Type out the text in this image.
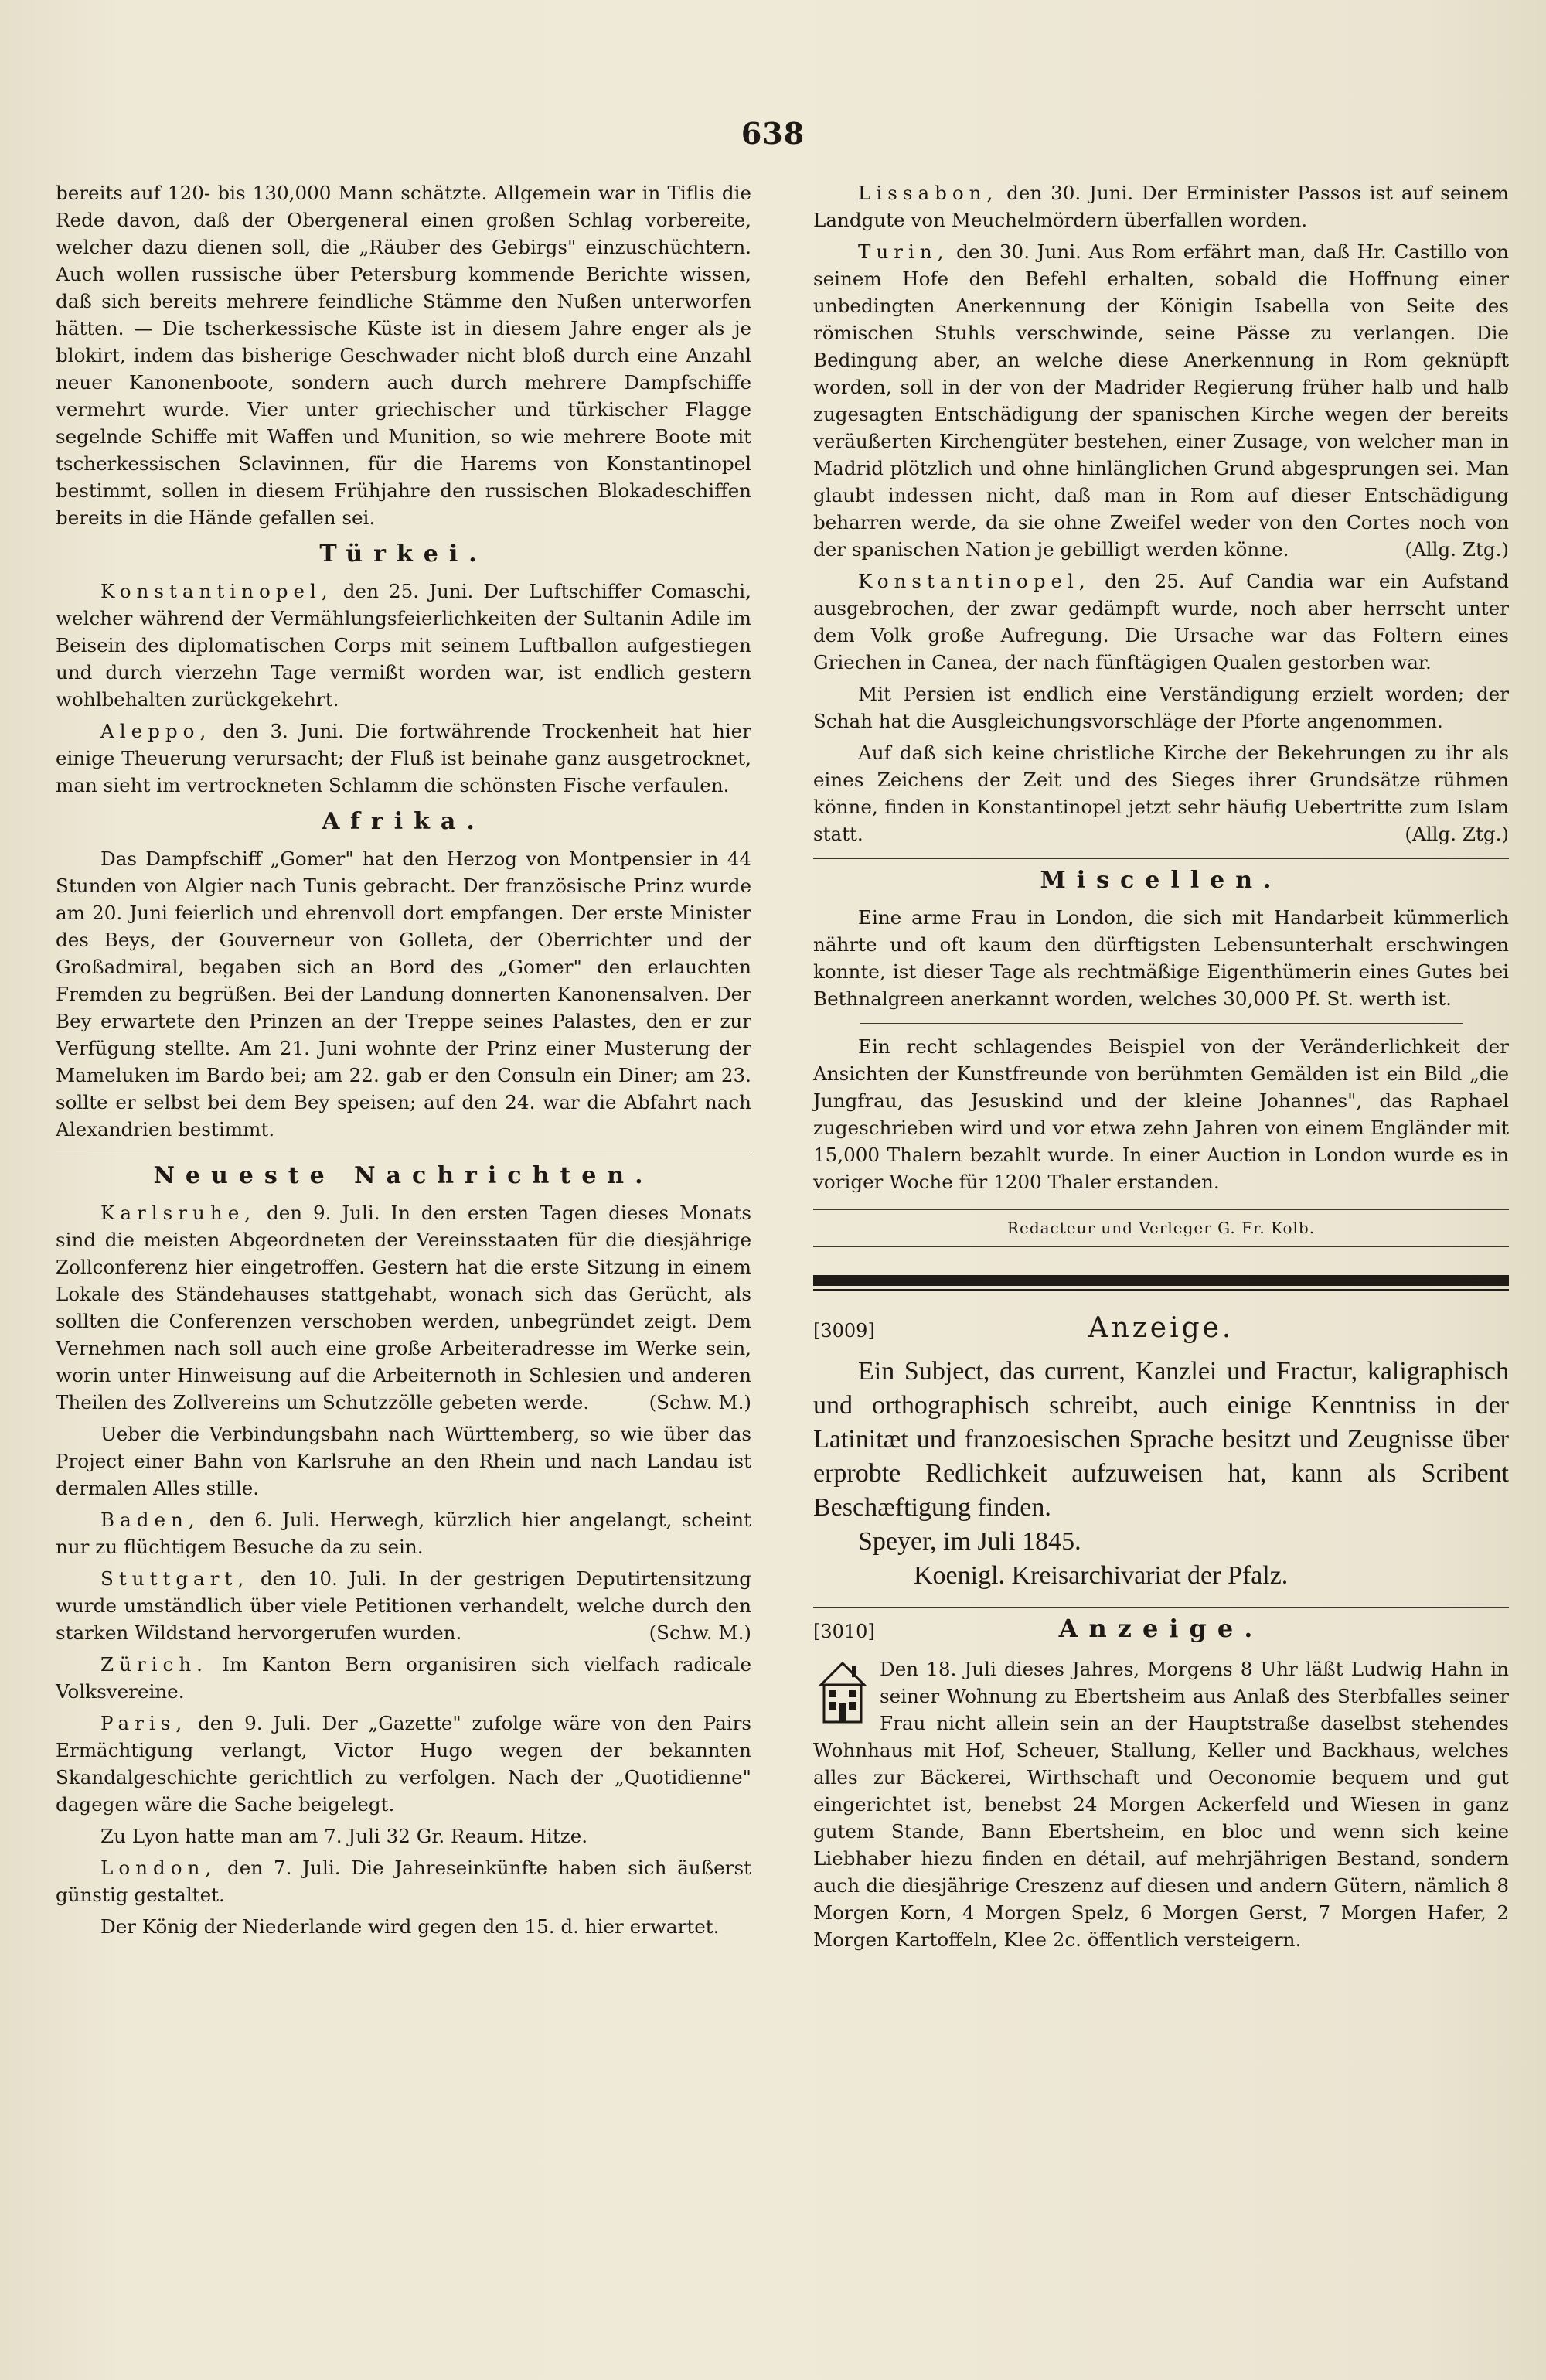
638

bereits auf 120- bis 130,000 Mann schätzte. Allgemein war in Tiflis die Rede davon, daß der Obergeneral einen großen Schlag vorbereite, welcher dazu dienen soll, die „Räuber des Gebirgs" einzuschüchtern. Auch wollen russische über Petersburg kommende Berichte wissen, daß sich bereits mehrere feindliche Stämme den Nußen unterworfen hätten. — Die tscherkessische Küste ist in diesem Jahre enger als je blokirt, indem das bisherige Geschwader nicht bloß durch eine Anzahl neuer Kanonenboote, sondern auch durch mehrere Dampfschiffe vermehrt wurde. Vier unter griechischer und türkischer Flagge segelnde Schiffe mit Waffen und Munition, so wie mehrere Boote mit tscherkessischen Sclavinnen, für die Harems von Konstantinopel bestimmt, sollen in diesem Frühjahre den russischen Blokadeschiffen bereits in die Hände gefallen sei.

Türkei.

Konstantinopel, den 25. Juni. Der Luftschiffer Comaschi, welcher während der Vermählungsfeierlichkeiten der Sultanin Adile im Beisein des diplomatischen Corps mit seinem Luftballon aufgestiegen und durch vierzehn Tage vermißt worden war, ist endlich gestern wohlbehalten zurückgekehrt.

Aleppo, den 3. Juni. Die fortwährende Trockenheit hat hier einige Theuerung verursacht; der Fluß ist beinahe ganz ausgetrocknet, man sieht im vertrockneten Schlamm die schönsten Fische verfaulen.

Afrika.

Das Dampfschiff „Gomer" hat den Herzog von Montpensier in 44 Stunden von Algier nach Tunis gebracht. Der französische Prinz wurde am 20. Juni feierlich und ehrenvoll dort empfangen. Der erste Minister des Beys, der Gouverneur von Golleta, der Oberrichter und der Großadmiral, begaben sich an Bord des „Gomer" den erlauchten Fremden zu begrüßen. Bei der Landung donnerten Kanonensalven. Der Bey erwartete den Prinzen an der Treppe seines Palastes, den er zur Verfügung stellte. Am 21. Juni wohnte der Prinz einer Musterung der Mameluken im Bardo bei; am 22. gab er den Consuln ein Diner; am 23. sollte er selbst bei dem Bey speisen; auf den 24. war die Abfahrt nach Alexandrien bestimmt.

Neueste Nachrichten.

Karlsruhe, den 9. Juli. In den ersten Tagen dieses Monats sind die meisten Abgeordneten der Vereinsstaaten für die diesjährige Zollconferenz hier eingetroffen. Gestern hat die erste Sitzung in einem Lokale des Ständehauses stattgehabt, wonach sich das Gerücht, als sollten die Conferenzen verschoben werden, unbegründet zeigt. Dem Vernehmen nach soll auch eine große Arbeiteradresse im Werke sein, worin unter Hinweisung auf die Arbeiternoth in Schlesien und anderen Theilen des Zollvereins um Schutzzölle gebeten werde.	(Schw. M.)

Ueber die Verbindungsbahn nach Württemberg, so wie über das Project einer Bahn von Karlsruhe an den Rhein und nach Landau ist dermalen Alles stille.

Baden, den 6. Juli. Herwegh, kürzlich hier angelangt, scheint nur zu flüchtigem Besuche da zu sein.

Stuttgart, den 10. Juli. In der gestrigen Deputirtensitzung wurde umständlich über viele Petitionen verhandelt, welche durch den starken Wildstand hervorgerufen wurden.	(Schw. M.)

Zürich. Im Kanton Bern organisiren sich vielfach radicale Volksvereine.

Paris, den 9. Juli. Der „Gazette" zufolge wäre von den Pairs Ermächtigung verlangt, Victor Hugo wegen der bekannten Skandalgeschichte gerichtlich zu verfolgen. Nach der „Quotidienne" dagegen wäre die Sache beigelegt.

Zu Lyon hatte man am 7. Juli 32 Gr. Reaum. Hitze.

London, den 7. Juli. Die Jahreseinkünfte haben sich äußerst günstig gestaltet.

Der König der Niederlande wird gegen den 15. d. hier erwartet.

Lissabon, den 30. Juni. Der Erminister Passos ist auf seinem Landgute von Meuchelmördern überfallen worden.

Turin, den 30. Juni. Aus Rom erfährt man, daß Hr. Castillo von seinem Hofe den Befehl erhalten, sobald die Hoffnung einer unbedingten Anerkennung der Königin Isabella von Seite des römischen Stuhls verschwinde, seine Pässe zu verlangen. Die Bedingung aber, an welche diese Anerkennung in Rom geknüpft worden, soll in der von der Madrider Regierung früher halb und halb zugesagten Entschädigung der spanischen Kirche wegen der bereits veräußerten Kirchengüter bestehen, einer Zusage, von welcher man in Madrid plötzlich und ohne hinlänglichen Grund abgesprungen sei. Man glaubt indessen nicht, daß man in Rom auf dieser Entschädigung beharren werde, da sie ohne Zweifel weder von den Cortes noch von der spanischen Nation je gebilligt werden könne.	(Allg. Ztg.)

Konstantinopel, den 25. Auf Candia war ein Aufstand ausgebrochen, der zwar gedämpft wurde, noch aber herrscht unter dem Volk große Aufregung. Die Ursache war das Foltern eines Griechen in Canea, der nach fünftägigen Qualen gestorben war.

Mit Persien ist endlich eine Verständigung erzielt worden; der Schah hat die Ausgleichungsvorschläge der Pforte angenommen.

Auf daß sich keine christliche Kirche der Bekehrungen zu ihr als eines Zeichens der Zeit und des Sieges ihrer Grundsätze rühmen könne, finden in Konstantinopel jetzt sehr häufig Uebertritte zum Islam statt.	(Allg. Ztg.)

Miscellen.

Eine arme Frau in London, die sich mit Handarbeit kümmerlich nährte und oft kaum den dürftigsten Lebensunterhalt erschwingen konnte, ist dieser Tage als rechtmäßige Eigenthümerin eines Gutes bei Bethnalgreen anerkannt worden, welches 30,000 Pf. St. werth ist.

Ein recht schlagendes Beispiel von der Veränderlichkeit der Ansichten der Kunstfreunde von berühmten Gemälden ist ein Bild „die Jungfrau, das Jesuskind und der kleine Johannes", das Raphael zugeschrieben wird und vor etwa zehn Jahren von einem Engländer mit 15,000 Thalern bezahlt wurde. In einer Auction in London wurde es in voriger Woche für 1200 Thaler erstanden.

Redacteur und Verleger G. Fr. Kolb.
[3009]	Anzeige.

Ein Subject, das current, Kanzlei und Fractur, kaligraphisch und orthographisch schreibt, auch einige Kenntniss in der Latinitæt und franzoesischen Sprache besitzt und Zeugnisse über erprobte Redlichkeit aufzuweisen hat, kann als Scribent Beschæftigung finden.

Speyer, im Juli 1845.

Koenigl. Kreisarchivariat der Pfalz.

[3010]	Anzeige.

Den 18. Juli dieses Jahres, Morgens 8 Uhr läßt Ludwig Hahn in seiner Wohnung zu Ebertsheim aus Anlaß des Sterbfalles seiner Frau nicht allein sein an der Hauptstraße daselbst stehendes Wohnhaus mit Hof, Scheuer, Stallung, Keller und Backhaus, welches alles zur Bäckerei, Wirthschaft und Oeconomie bequem und gut eingerichtet ist, benebst 24 Morgen Ackerfeld und Wiesen in ganz gutem Stande, Bann Ebertsheim, en bloc und wenn sich keine Liebhaber hiezu finden en détail, auf mehrjährigen Bestand, sondern auch die diesjährige Creszenz auf diesen und andern Gütern, nämlich 8 Morgen Korn, 4 Morgen Spelz, 6 Morgen Gerst, 7 Morgen Hafer, 2 Morgen Kartoffeln, Klee 2c. öffentlich versteigern.
